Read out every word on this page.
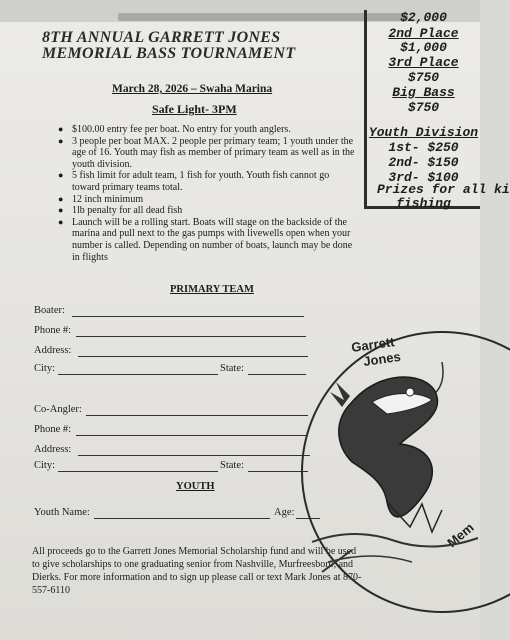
8TH ANNUAL GARRETT JONES
MEMORIAL BASS TOURNAMENT
$2,000
2nd Place
$1,000
3rd Place
$750
Big Bass
$750
Youth Division
1st- $250
2nd- $150
3rd- $100
Prizes for all ki
fishing
March 28, 2026 – Swaha Marina
Safe Light- 3PM
● $100.00 entry fee per boat. No entry for youth anglers.
● 3 people per boat MAX. 2 people per primary team; 1 youth under the age of 16. Youth may fish as member of primary team as well as in the youth division.
● 5 fish limit for adult team, 1 fish for youth. Youth fish cannot go toward primary teams total.
● 12 inch minimum
● 1lb penalty for all dead fish
● Launch will be a rolling start. Boats will stage on the backside of the marina and pull next to the gas pumps with livewells open when your number is called. Depending on number of boats, launch may be done in flights
PRIMARY TEAM
Boater:
Phone #:
Address:
City:	State:
Co-Angler:
Phone #:
Address:
City:	State:
YOUTH
Youth Name:	Age:
All proceeds go to the Garrett Jones Memorial Scholarship fund and will be used to give scholarships to one graduating senior from Nashville, Murfreesboro, and Dierks. For more information and to sign up please call or text Mark Jones at 870-557-6110
Garrett
Jones
Mem
